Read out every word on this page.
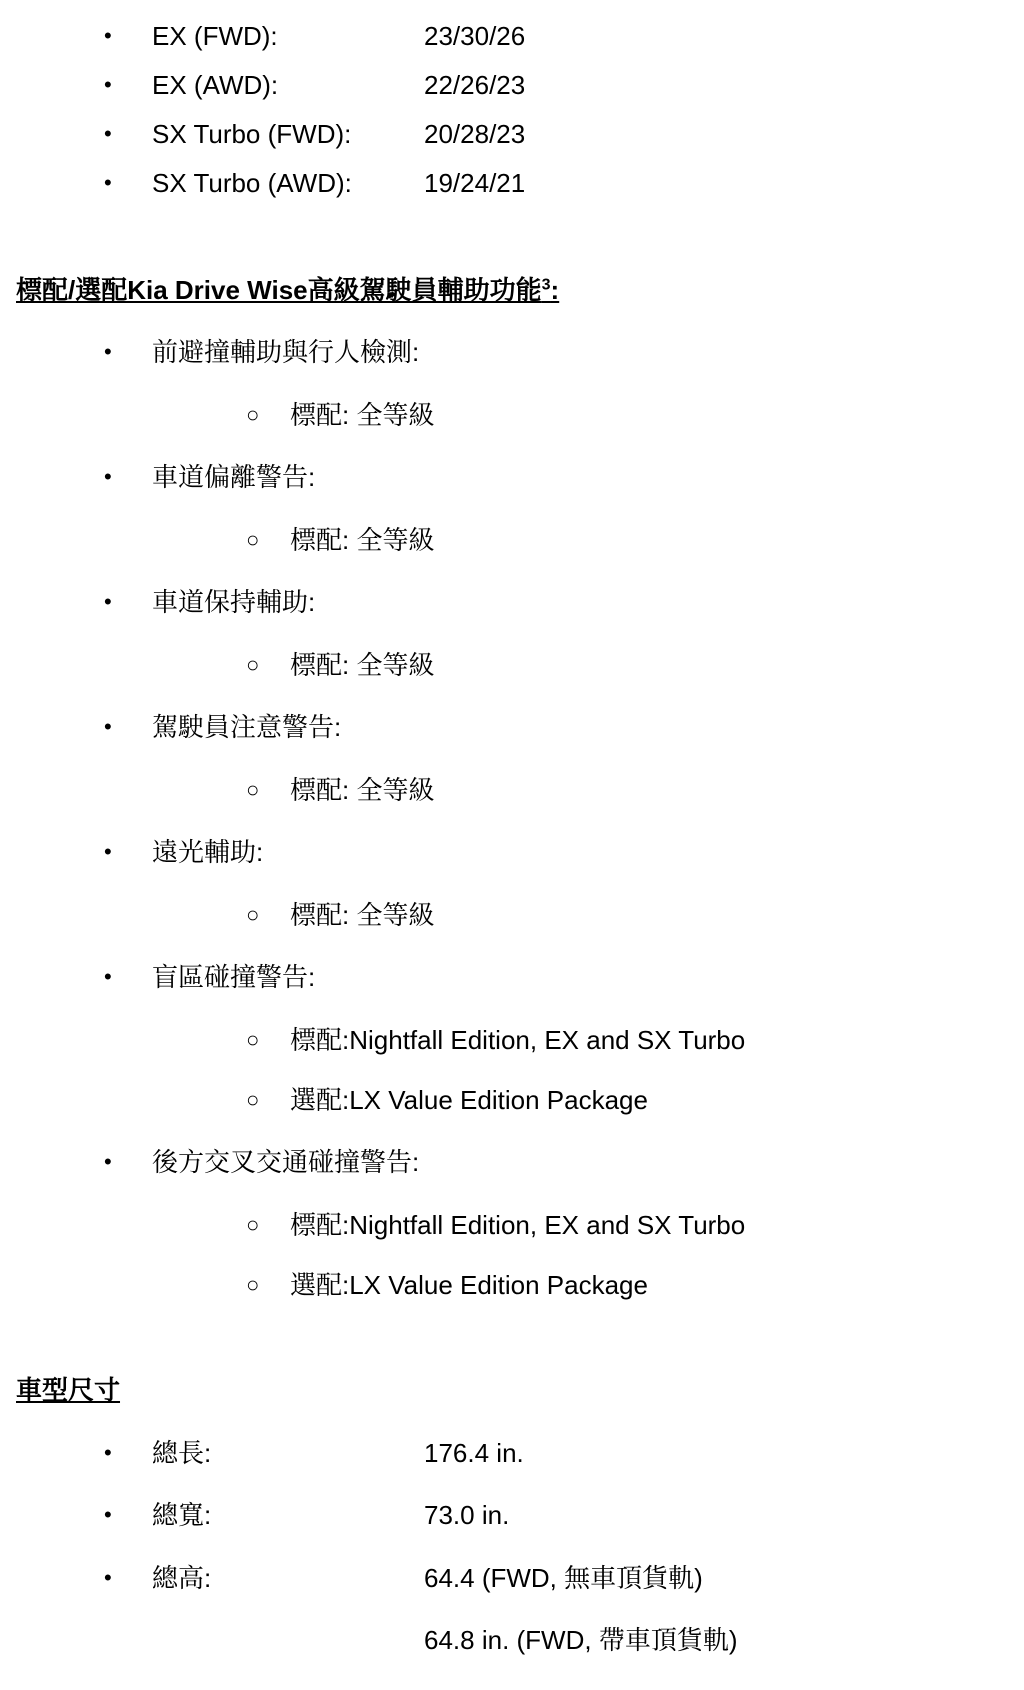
• EX (FWD):	23/30/26
• EX (AWD):	22/26/23
• SX Turbo (FWD):	20/28/23
• SX Turbo (AWD):	19/24/21
標配/選配Kia Drive Wise高級駕駛員輔助功能$^3$:
• 前避撞輔助與行人檢測:
○ 標配: 全等級
• 車道偏離警告:
○ 標配: 全等級
• 車道保持輔助:
○ 標配: 全等級
• 駕駛員注意警告:
○ 標配: 全等級
• 遠光輔助:
○ 標配: 全等級
• 盲區碰撞警告:
○ 標配:Nightfall Edition, EX and SX Turbo
○ 選配:LX Value Edition Package
• 後方交叉交通碰撞警告:
○ 標配:Nightfall Edition, EX and SX Turbo
○ 選配:LX Value Edition Package
車型尺寸
• 總長:	176.4 in.
• 總寬:	73.0 in.
• 總高:	64.4 (FWD, 無車頂貨軌)
64.8 in. (FWD, 帶車頂貨軌)
